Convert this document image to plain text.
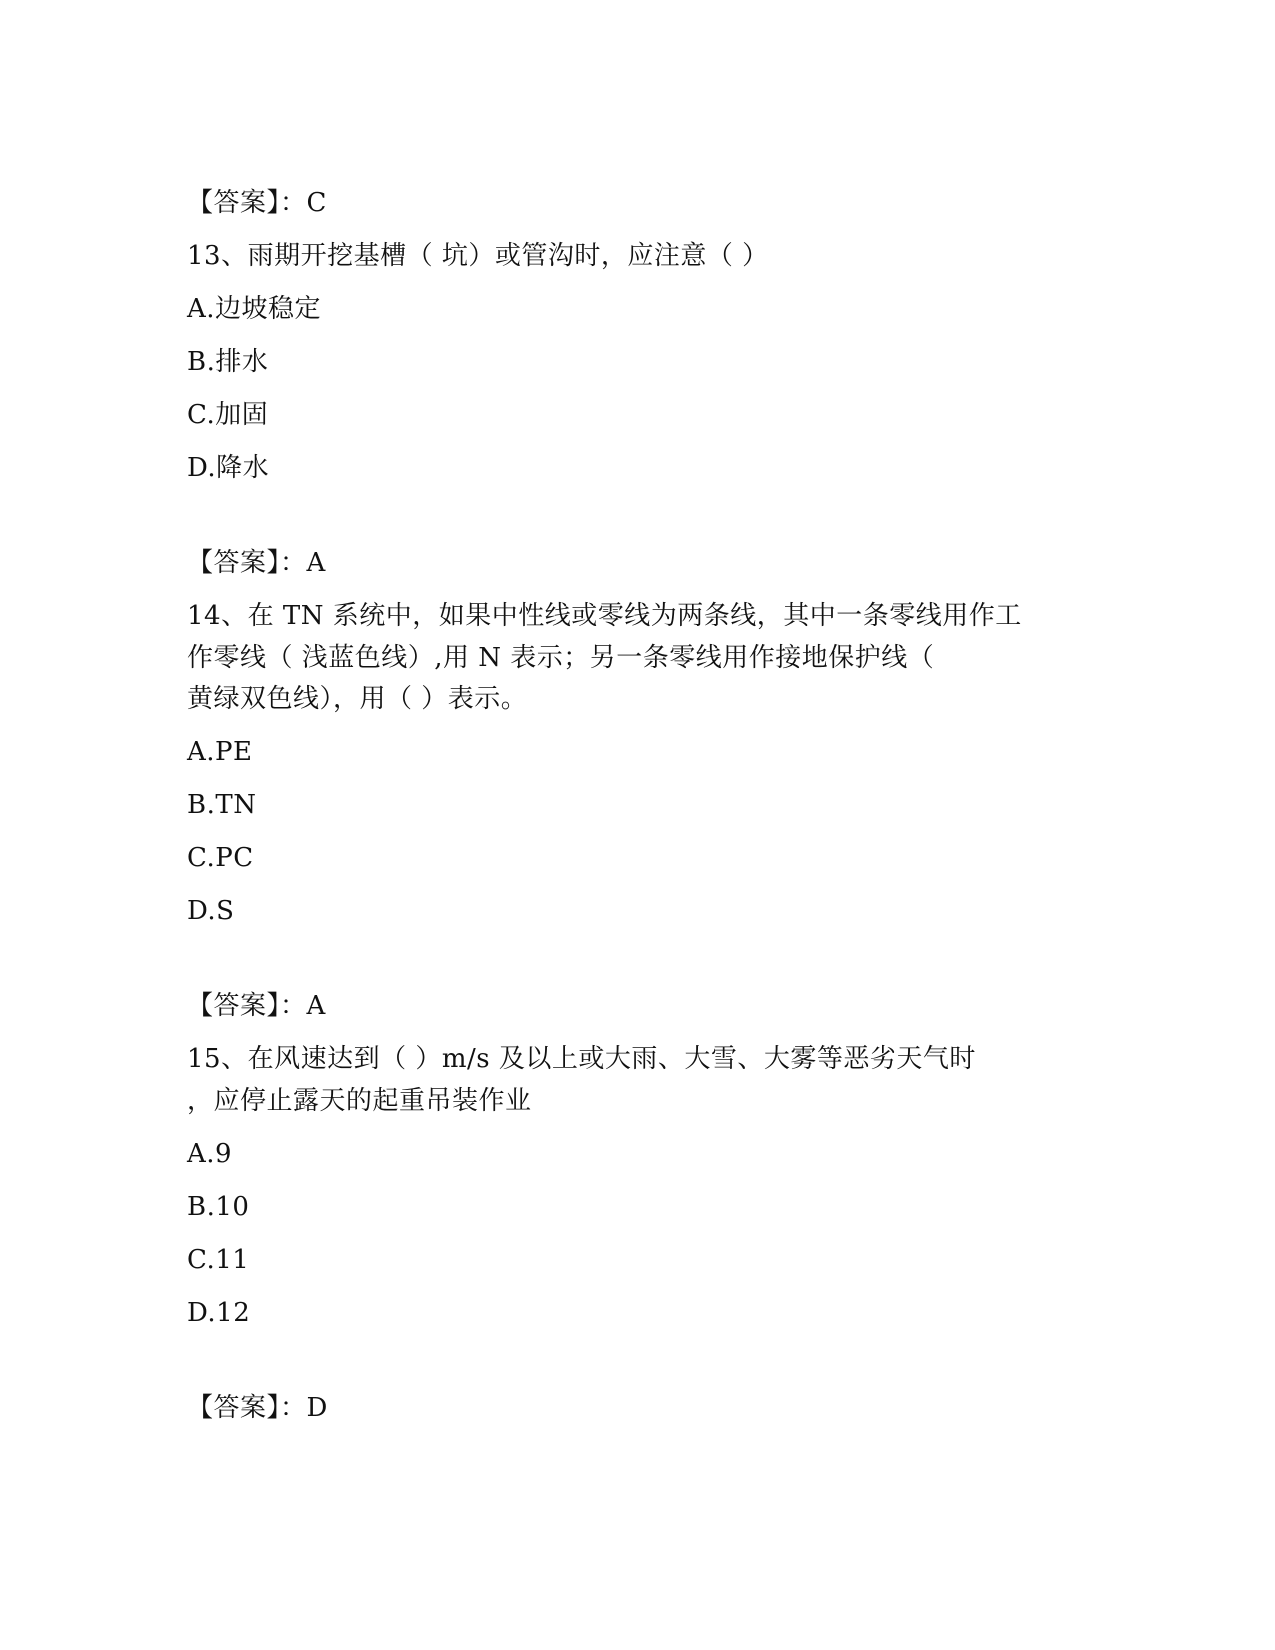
【答案】：C
13、雨期开挖基槽（ 坑）或管沟时，应注意（ ）
A.边坡稳定
B.排水
C.加固
D.降水
【答案】：A
14、在 TN 系统中，如果中性线或零线为两条线，其中一条零线用作工
作零线（ 浅蓝色线）,用 N 表示；另一条零线用作接地保护线（
黄绿双色线），用（ ）表示。
A.PE
B.TN
C.PC
D.S
【答案】：A
15、在风速达到（ ）m/s 及以上或大雨、大雪、大雾等恶劣天气时
，应停止露天的起重吊装作业
A.9
B.10
C.11
D.12
【答案】：D
